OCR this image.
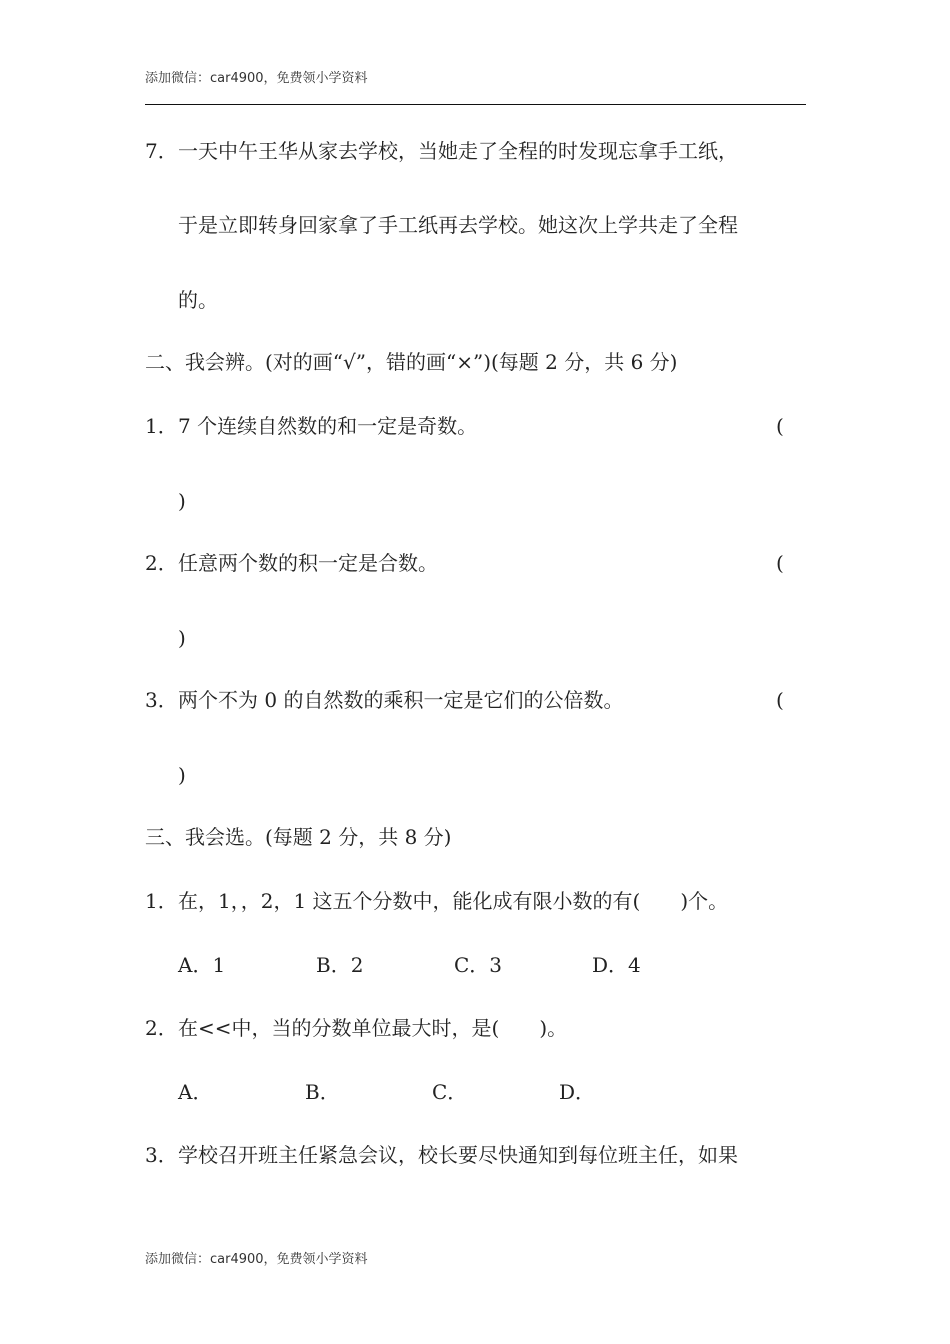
添加微信：car4900，免费领小学资料
7． 一天中午王华从家去学校，当她走了全程的时发现忘拿手工纸，
于是立即转身回家拿了手工纸再去学校。她这次上学共走了全程
的。
二、我会辨。(对的画“√”，错的画“×”)(每题 2 分，共 6 分)
1． 7 个连续自然数的和一定是奇数。	(
)
2． 任意两个数的积一定是合数。	(
)
3． 两个不为 0 的自然数的乘积一定是它们的公倍数。	(
)
三、我会选。(每题 2 分，共 8 分)
1． 在，1，，2，1 这五个分数中，能化成有限小数的有(　　)个。
A．1	B．2	C．3	D．4
2． 在<<中，当的分数单位最大时，是(　　)。
A．	B．	C．	D．
3． 学校召开班主任紧急会议，校长要尽快通知到每位班主任，如果
添加微信：car4900，免费领小学资料
